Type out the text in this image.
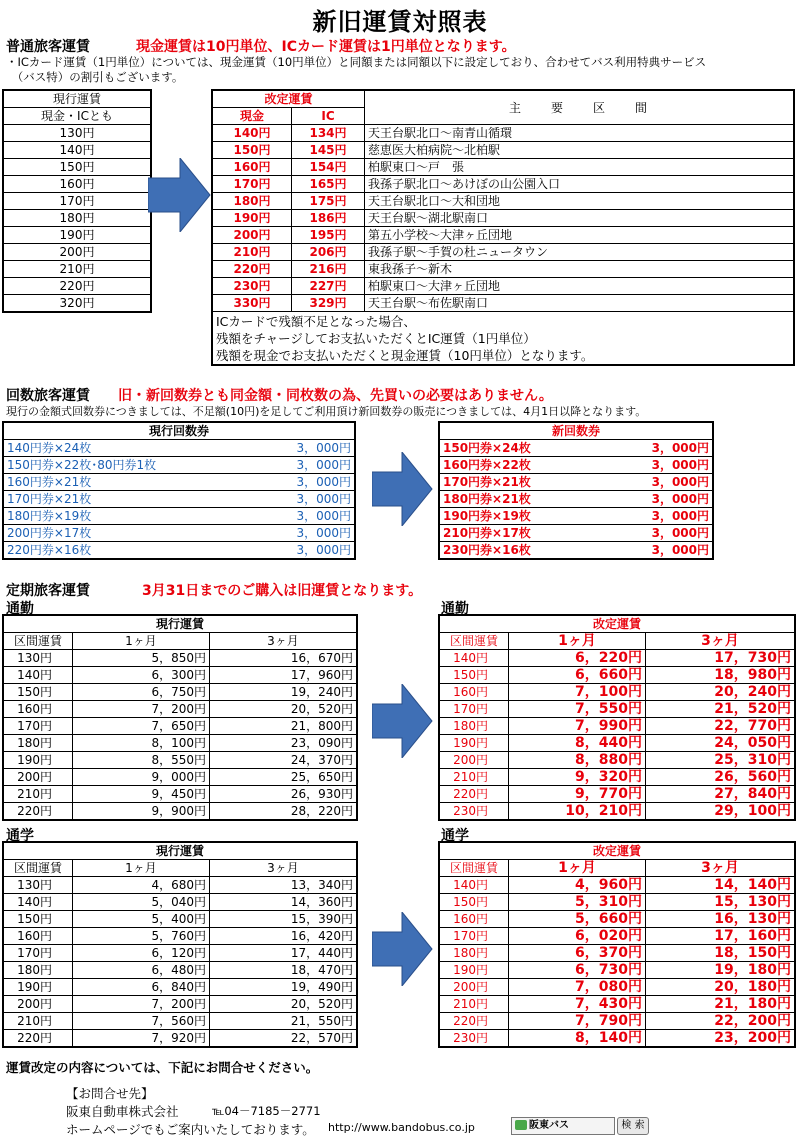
新旧運賃対照表
普通旅客運賃	現金運賃は10円単位、ICカード運賃は1円単位となります。
・ICカード運賃（1円単位）については、現金運賃（10円単位）と同額または同額以下に設定しており、合わせてバス利用特典サービス
　（バス特）の割引もございます。
現行運賃
現金・ICとも
130円
140円
150円
160円
170円
180円
190円
200円
210円
220円
320円
改定運賃		主　　要　　区　　間
現金	IC	
140円	134円	天王台駅北口～南青山循環
150円	145円	慈恵医大柏病院～北柏駅
160円	154円	柏駅東口～戸　張
170円	165円	我孫子駅北口～あけぼの山公園入口
180円	175円	天王台駅北口～大和団地
190円	186円	天王台駅～湖北駅南口
200円	195円	第五小学校～大津ヶ丘団地
210円	206円	我孫子駅～手賀の杜ニュータウン
220円	216円	東我孫子～新木
230円	227円	柏駅東口～大津ヶ丘団地
330円	329円	天王台駅～布佐駅南口

ICカードで残額不足となった場合、
残額をチャージしてお支払いただくとIC運賃（1円単位）
残額を現金でお支払いただくと現金運賃（10円単位）となります。		
回数旅客運賃 旧・新回数券とも同金額・同枚数の為、先買いの必要はありません。
現行の金額式回数券につきましては、不足額(10円)を足してご利用頂け新回数券の販売につきましては、4月1日以降となります。
現行回数券	
140円券×24枚	3，000円
150円券×22枚･80円券1枚	3，000円
160円券×21枚	3，000円
170円券×21枚	3，000円
180円券×19枚	3，000円
200円券×17枚	3，000円
220円券×16枚	3，000円
新回数券	
150円券×24枚	3，000円
160円券×22枚	3，000円
170円券×21枚	3，000円
180円券×21枚	3，000円
190円券×19枚	3，000円
210円券×17枚	3，000円
230円券×16枚	3，000円
定期旅客運賃	3月31日までのご購入は旧運賃となります。
通勤	通勤
現行運賃		
区間運賃	1ヶ月	3ヶ月
130円	5，850円	16，670円
140円	6，300円	17，960円
150円	6，750円	19，240円
160円	7，200円	20，520円
170円	7，650円	21，800円
180円	8，100円	23，090円
190円	8，550円	24，370円
200円	9，000円	25，650円
210円	9，450円	26，930円
220円	9，900円	28，220円
改定運賃		
区間運賃	1ヶ月	3ヶ月
140円	6，220円	17，730円
150円	6，660円	18，980円
160円	7，100円	20，240円
170円	7，550円	21，520円
180円	7，990円	22，770円
190円	8，440円	24，050円
200円	8，880円	25，310円
210円	9，320円	26，560円
220円	9，770円	27，840円
230円	10，210円	29，100円
通学	通学
現行運賃		
区間運賃	1ヶ月	3ヶ月
130円	4，680円	13，340円
140円	5，040円	14，360円
150円	5，400円	15，390円
160円	5，760円	16，420円
170円	6，120円	17，440円
180円	6，480円	18，470円
190円	6，840円	19，490円
200円	7，200円	20，520円
210円	7，560円	21，550円
220円	7，920円	22，570円
改定運賃		
区間運賃	1ヶ月	3ヶ月
140円	4，960円	14，140円
150円	5，310円	15，130円
160円	5，660円	16，130円
170円	6，020円	17，160円
180円	6，370円	18，150円
190円	6，730円	19，180円
200円	7，080円	20，180円
210円	7，430円	21，180円
220円	7，790円	22，200円
230円	8，140円	23，200円
運賃改定の内容については、下記にお問合せください。
【お問合せ先】
阪東自動車株式会社	℡04－7185－2771
ホームページでもご案内いたしております。 http://www.bandobus.co.jp	阪東バス	検 索
